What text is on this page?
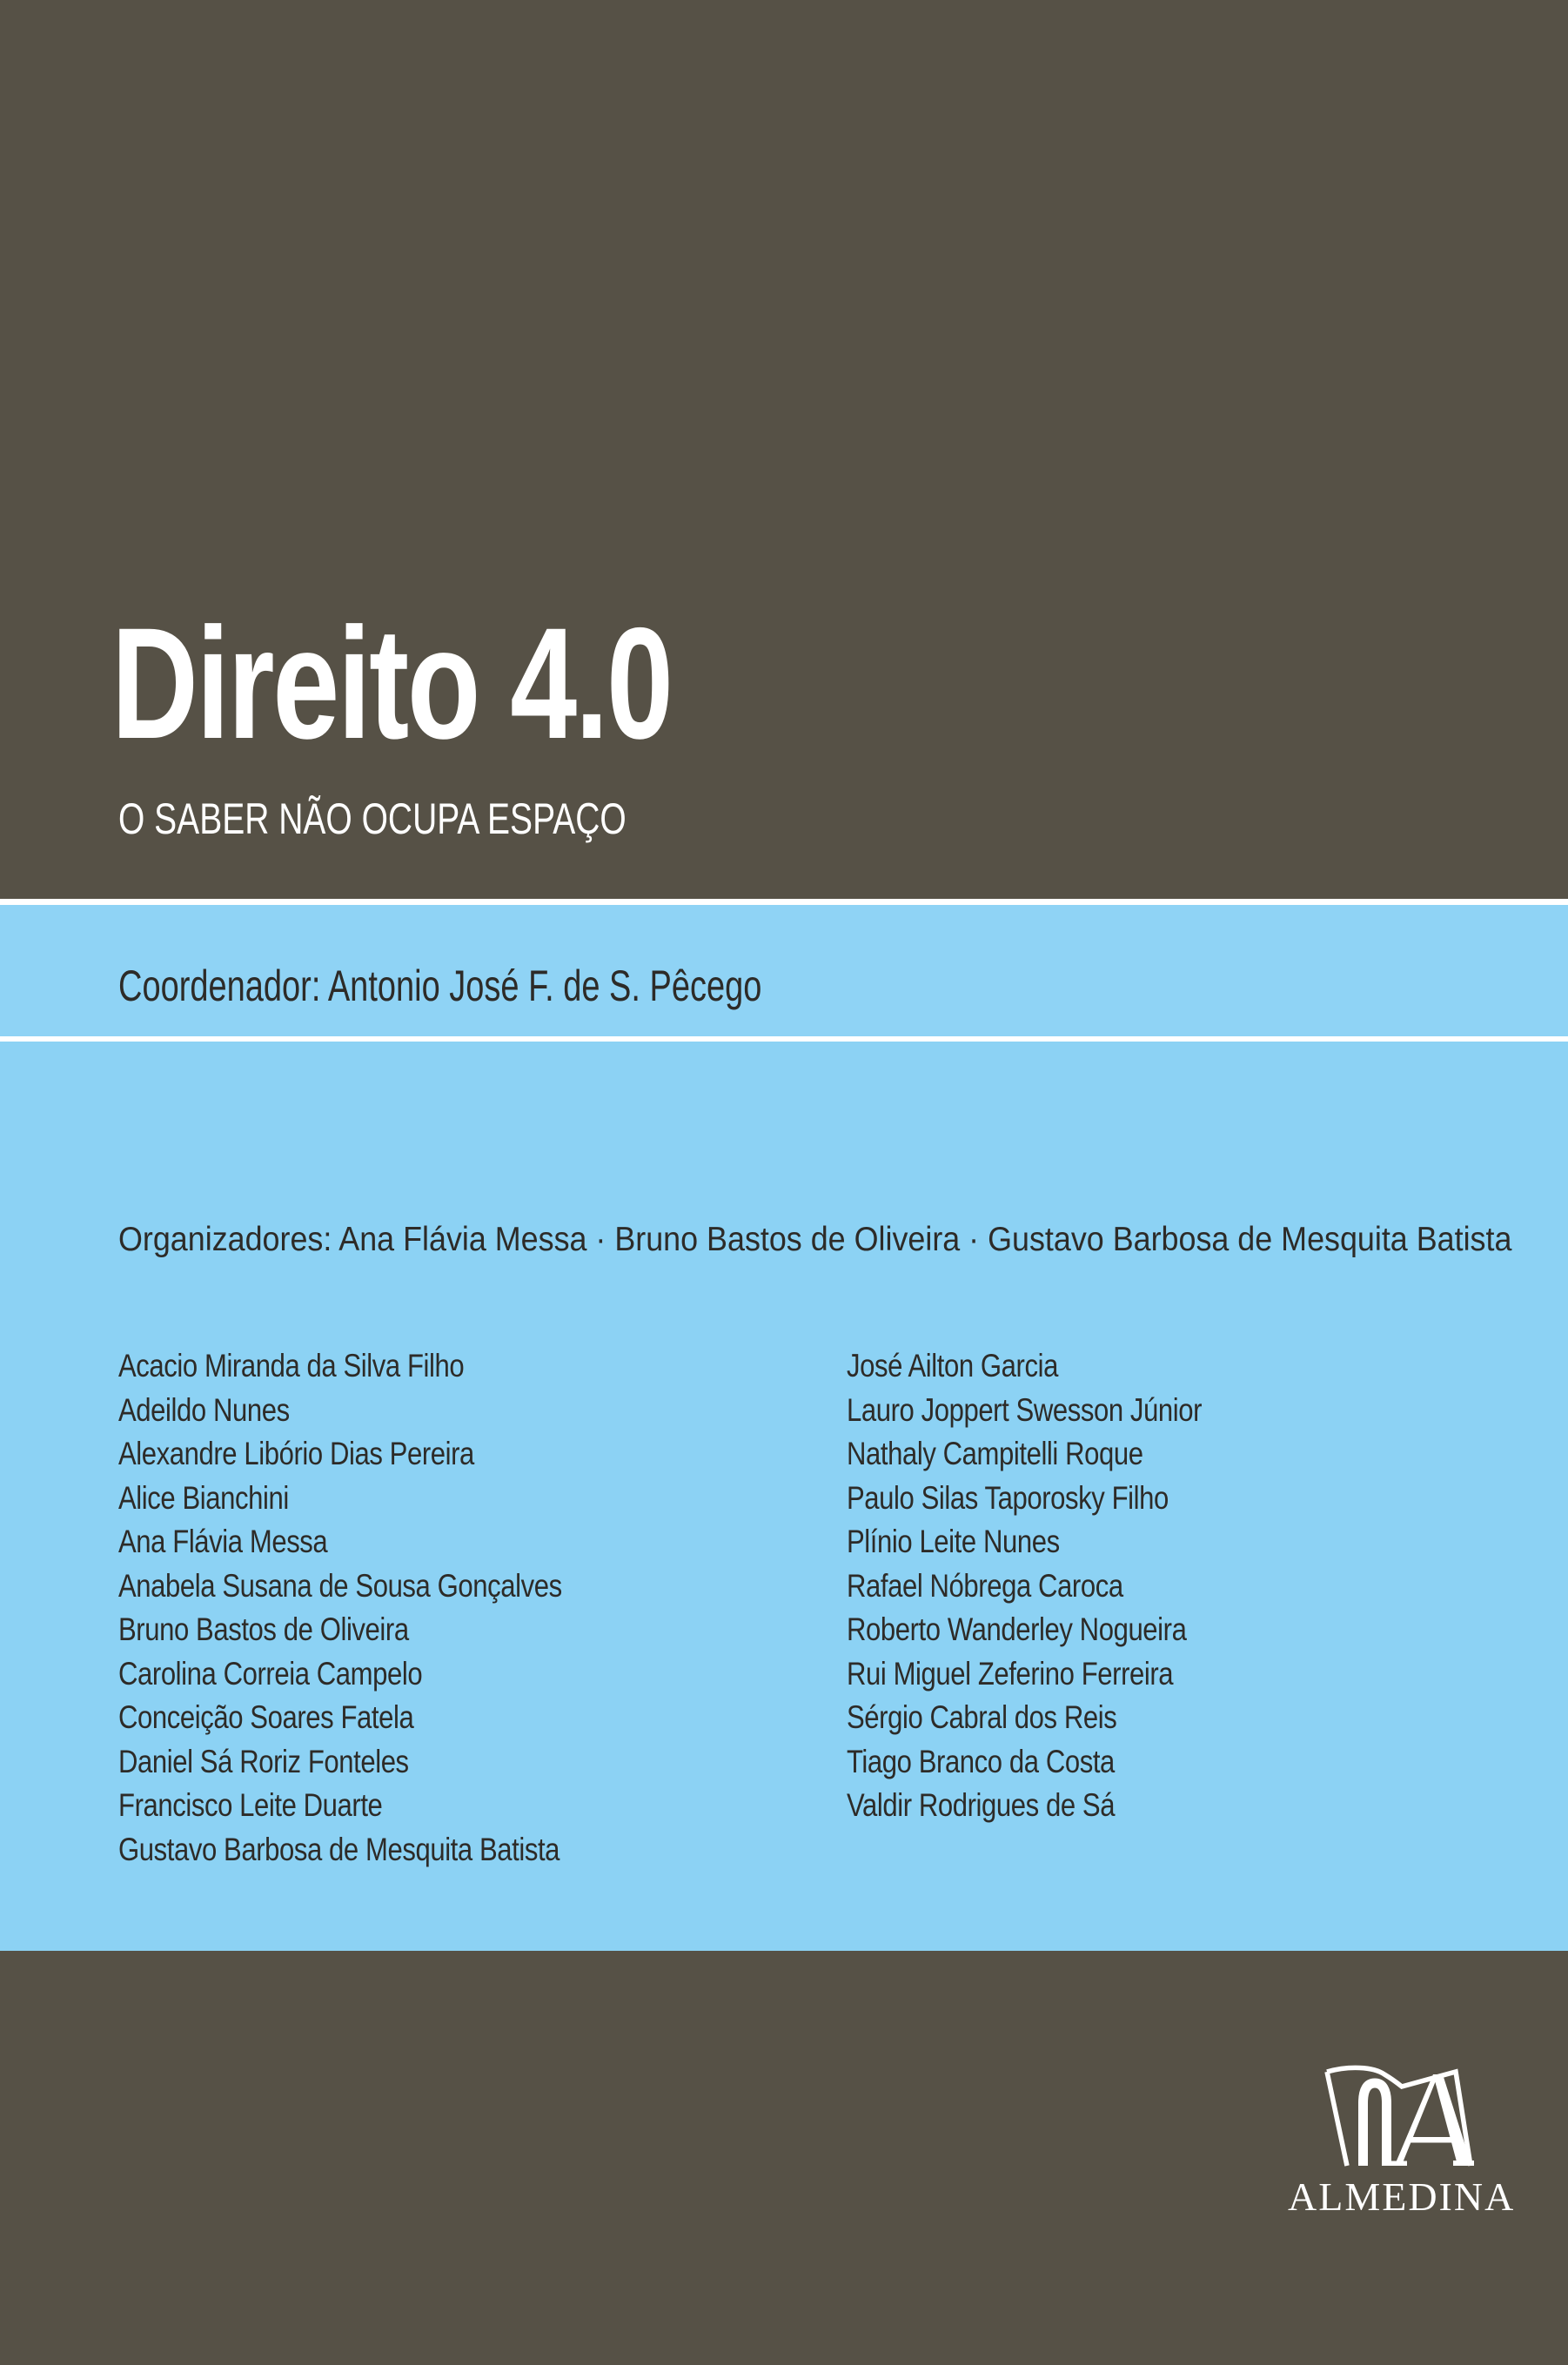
Direito 4.0
O SABER NÃO OCUPA ESPAÇO
Coordenador: Antonio José F. de S. Pêcego
Organizadores: Ana Flávia Messa · Bruno Bastos de Oliveira · Gustavo Barbosa de Mesquita Batista
Acacio Miranda da Silva Filho
Adeildo Nunes
Alexandre Libório Dias Pereira
Alice Bianchini
Ana Flávia Messa
Anabela Susana de Sousa Gonçalves
Bruno Bastos de Oliveira
Carolina Correia Campelo
Conceição Soares Fatela
Daniel Sá Roriz Fonteles
Francisco Leite Duarte
Gustavo Barbosa de Mesquita Batista
José Ailton Garcia
Lauro Joppert Swesson Júnior
Nathaly Campitelli Roque
Paulo Silas Taporosky Filho
Plínio Leite Nunes
Rafael Nóbrega Caroca
Roberto Wanderley Nogueira
Rui Miguel Zeferino Ferreira
Sérgio Cabral dos Reis
Tiago Branco da Costa
Valdir Rodrigues de Sá
ALMEDINA
